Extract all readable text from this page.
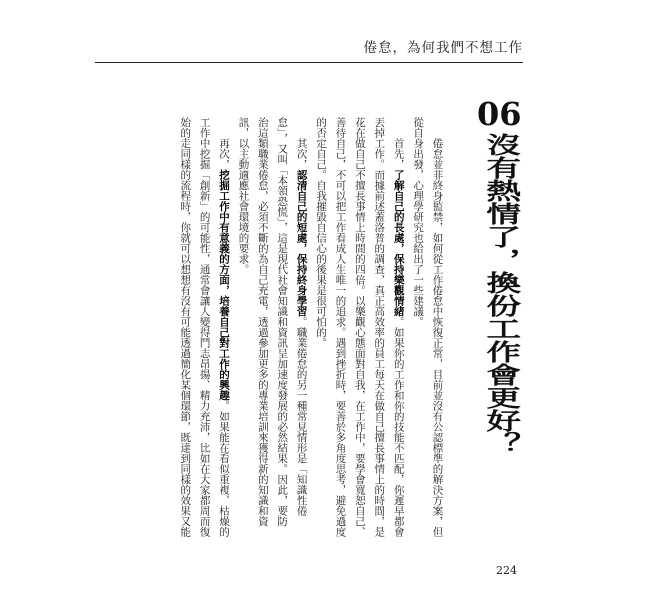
倦怠，為何我們不想工作
06
沒有熱情了，換份工作會更好？
倦怠並非終身監禁，如何從工作倦怠中恢復正常，目前並沒有公認標準的解決方案，但
從自身出發，心理學研究也給出了一些建議。
首先，了解自己的長處，保持樂觀情緒。如果你的工作和你的技能不匹配，你遲早都會
丟掉工作。而據前述蓋洛普的調查，真正高效率的員工每天在做自己擅長事情上的時間，是
花在做自己不擅長事情上時間的四倍。以樂觀心態面對自我，在工作中，要學會寬恕自己、
善待自己，不可以把工作看成人生唯一的追求。遇到挫折時，要善於多角度思考，避免過度
的否定自己。自我摧毀自信心的後果是很可怕的。
其次，認清自己的短處，保持終身學習。職業倦怠的另一種常見情形是「知識性倦
怠」，又叫「本領恐慌」，這是現代社會知識和資訊呈加速度發展的必然結果。因此，要防
治這類職業倦怠，必須不斷的為自己充電，透過參加更多的專業培訓來獲得新的知識和資
訊，以主動適應社會環境的要求。
再次，挖掘工作中有意義的方面，培養自己對工作的興趣。如果能在看似重複、枯燥的
工作中挖掘「創新」的可能性，通常會讓人變得鬥志昂揚、精力充沛，比如在大家都周而復
始的走同樣的流程時，你就可以想想有沒有可能透過簡化某個環節，既達到同樣的效果又能
224
